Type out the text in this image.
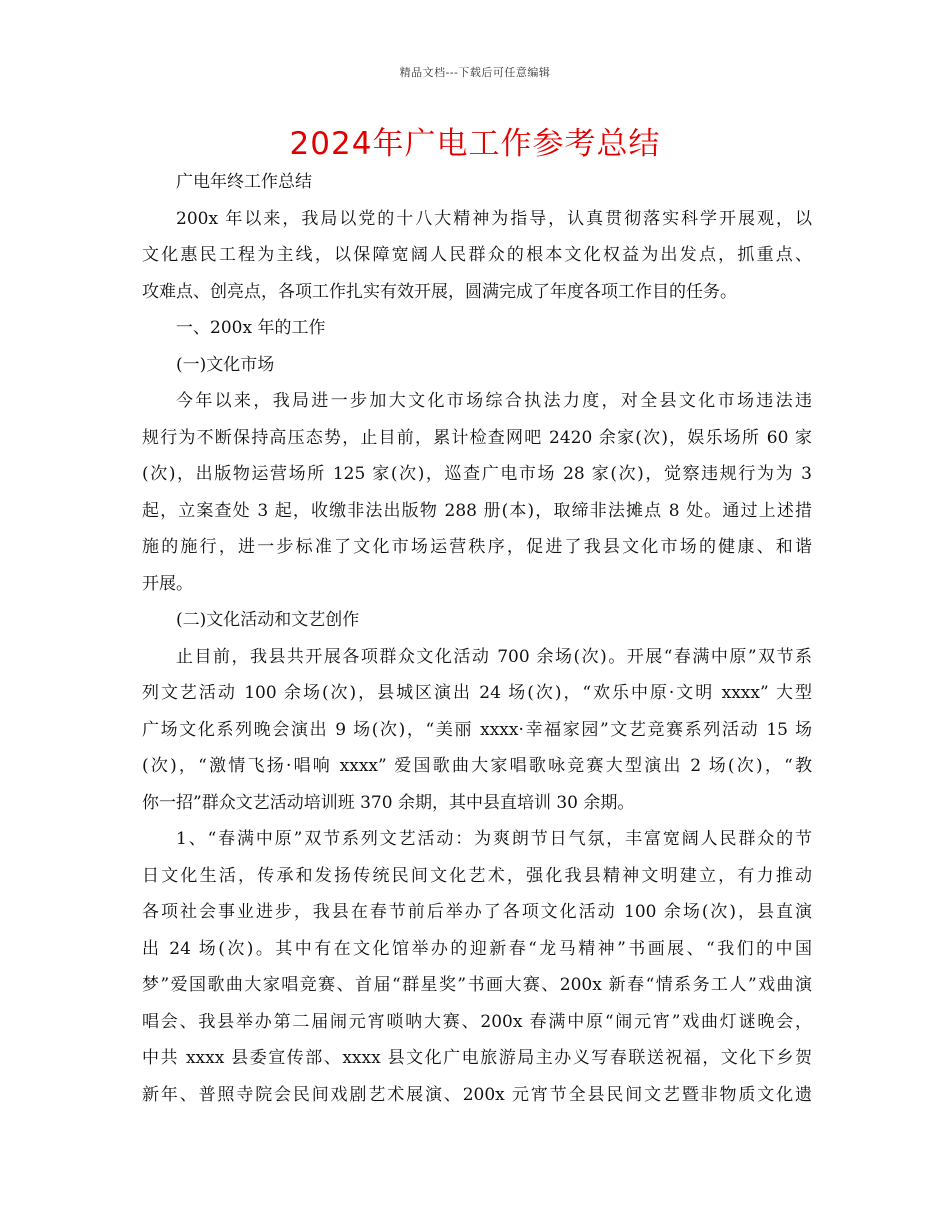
精品文档---下载后可任意编辑
2024年广电工作参考总结
广电年终工作总结
200x 年以来，我局以党的十八大精神为指导，认真贯彻落实科学开展观，以
文化惠民工程为主线，以保障宽阔人民群众的根本文化权益为出发点，抓重点、
攻难点、创亮点，各项工作扎实有效开展，圆满完成了年度各项工作目的任务。
一、200x 年的工作
(一)文化市场
今年以来，我局进一步加大文化市场综合执法力度，对全县文化市场违法违
规行为不断保持高压态势，止目前，累计检查网吧 2420 余家(次)，娱乐场所 60 家
(次)，出版物运营场所 125 家(次)，巡查广电市场 28 家(次)，觉察违规行为为 3
起，立案查处 3 起，收缴非法出版物 288 册(本)，取缔非法摊点 8 处。通过上述措
施的施行，进一步标准了文化市场运营秩序，促进了我县文化市场的健康、和谐
开展。
(二)文化活动和文艺创作
止目前，我县共开展各项群众文化活动 700 余场(次)。开展“春满中原”双节系
列文艺活动 100 余场(次)，县城区演出 24 场(次)，“欢乐中原·文明 xxxx” 大型
广场文化系列晚会演出 9 场(次)，“美丽 xxxx·幸福家园”文艺竞赛系列活动 15 场
(次)，“激情飞扬·唱响 xxxx” 爱国歌曲大家唱歌咏竞赛大型演出 2 场(次)，“教
你一招”群众文艺活动培训班 370 余期，其中县直培训 30 余期。
1、“春满中原”双节系列文艺活动：为爽朗节日气氛，丰富宽阔人民群众的节
日文化生活，传承和发扬传统民间文化艺术，强化我县精神文明建立，有力推动
各项社会事业进步，我县在春节前后举办了各项文化活动 100 余场(次)，县直演
出 24 场(次)。其中有在文化馆举办的迎新春“龙马精神”书画展、“我们的中国
梦”爱国歌曲大家唱竞赛、首届“群星奖”书画大赛、200x 新春“情系务工人”戏曲演
唱会、我县举办第二届闹元宵唢呐大赛、200x 春满中原“闹元宵”戏曲灯谜晚会，
中共 xxxx 县委宣传部、xxxx 县文化广电旅游局主办义写春联送祝福，文化下乡贺
新年、普照寺院会民间戏剧艺术展演、200x 元宵节全县民间文艺暨非物质文化遗
